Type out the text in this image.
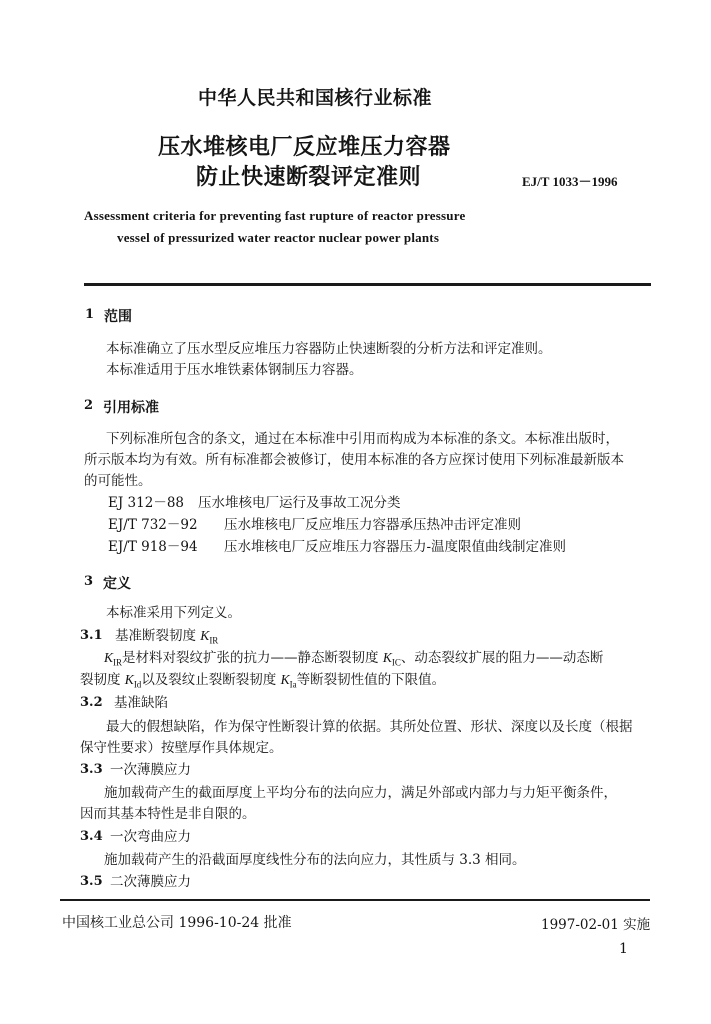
中华人民共和国核行业标准
压水堆核电厂反应堆压力容器
防止快速断裂评定准则	EJ/T 1033－1996
Assessment criteria for preventing fast rupture of reactor pressure
vessel of pressurized water reactor nuclear power plants
1 范围
本标准确立了压水型反应堆压力容器防止快速断裂的分析方法和评定准则。
本标准适用于压水堆铁素体钢制压力容器。
2 引用标准
下列标准所包含的条文，通过在本标准中引用而构成为本标准的条文。本标准出版时，
所示版本均为有效。所有标准都会被修订，使用本标准的各方应探讨使用下列标准最新版本
的可能性。
EJ 312－88 压水堆核电厂运行及事故工况分类
EJ/T 732－92 压水堆核电厂反应堆压力容器承压热冲击评定准则
EJ/T 918－94 压水堆核电厂反应堆压力容器压力-温度限值曲线制定准则
3 定义
本标准采用下列定义。
3.1 基准断裂韧度 $K_{IR}$
$K_{IR}$是材料对裂纹扩张的抗力——静态断裂韧度 $K_{IC}$、动态裂纹扩展的阻力——动态断
裂韧度 $K_{Id}$以及裂纹止裂断裂韧度 $K_{Ia}$等断裂韧性值的下限值。
3.2 基准缺陷
最大的假想缺陷，作为保守性断裂计算的依据。其所处位置、形状、深度以及长度（根据
保守性要求）按壁厚作具体规定。
3.3 一次薄膜应力
施加载荷产生的截面厚度上平均分布的法向应力，满足外部或内部力与力矩平衡条件，
因而其基本特性是非自限的。
3.4 一次弯曲应力
施加载荷产生的沿截面厚度线性分布的法向应力，其性质与 3.3 相同。
3.5 二次薄膜应力
中国核工业总公司 1996-10-24 批准	1997-02-01 实施
1
